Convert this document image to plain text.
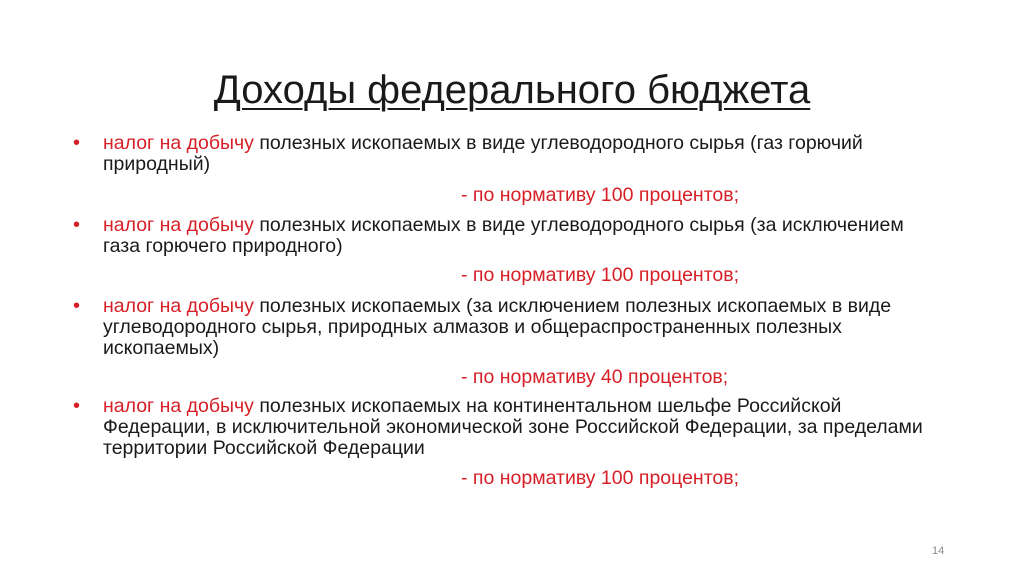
Доходы федерального бюджета
• налог на добычу полезных ископаемых в виде углеводородного сырья (газ горючий природный)
- по нормативу 100 процентов;
• налог на добычу полезных ископаемых в виде углеводородного сырья (за исключением газа горючего природного)
- по нормативу 100 процентов;
• налог на добычу полезных ископаемых (за исключением полезных ископаемых в виде углеводородного сырья, природных алмазов и общераспространенных полезных ископаемых)
- по нормативу 40 процентов;
• налог на добычу полезных ископаемых на континентальном шельфе Российской Федерации, в исключительной экономической зоне Российской Федерации, за пределами территории Российской Федерации
- по нормативу 100 процентов;
14
